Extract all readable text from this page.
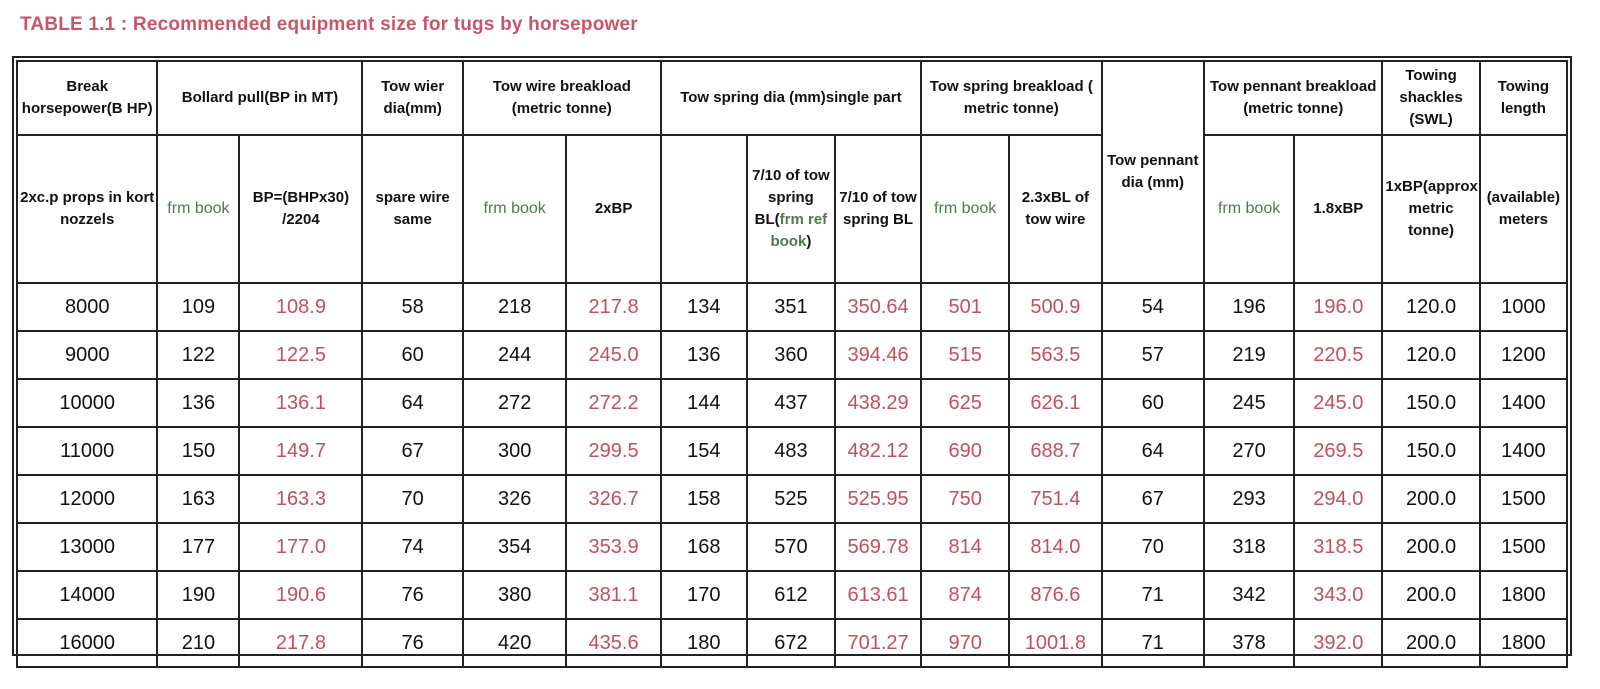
TABLE 1.1 : Recommended equipment size for tugs by horsepower
Break horsepower(B HP)	Bollard pull(BP in MT)		Tow wier dia(mm)	Tow wire breakload (metric tonne)		Tow spring dia (mm)single part			Tow spring breakload ( metric tonne)		Tow pennant dia (mm)	Tow pennant breakload (metric tonne)		Towing shackles (SWL)	Towing length
2xc.p props in kort nozzels	frm book	BP=(BHPx30) /2204	spare wire same	frm book	2xBP		7/10 of tow spring BL(frm ref book)	7/10 of tow spring BL	frm book	2.3xBL of tow wire		frm book	1.8xBP	1xBP(approx metric tonne)	(available) meters
8000	109	108.9	58	218	217.8	134	351	350.64	501	500.9	54	196	196.0	120.0	1000
9000	122	122.5	60	244	245.0	136	360	394.46	515	563.5	57	219	220.5	120.0	1200
10000	136	136.1	64	272	272.2	144	437	438.29	625	626.1	60	245	245.0	150.0	1400
11000	150	149.7	67	300	299.5	154	483	482.12	690	688.7	64	270	269.5	150.0	1400
12000	163	163.3	70	326	326.7	158	525	525.95	750	751.4	67	293	294.0	200.0	1500
13000	177	177.0	74	354	353.9	168	570	569.78	814	814.0	70	318	318.5	200.0	1500
14000	190	190.6	76	380	381.1	170	612	613.61	874	876.6	71	342	343.0	200.0	1800
16000	210	217.8	76	420	435.6	180	672	701.27	970	1001.8	71	378	392.0	200.0	1800
